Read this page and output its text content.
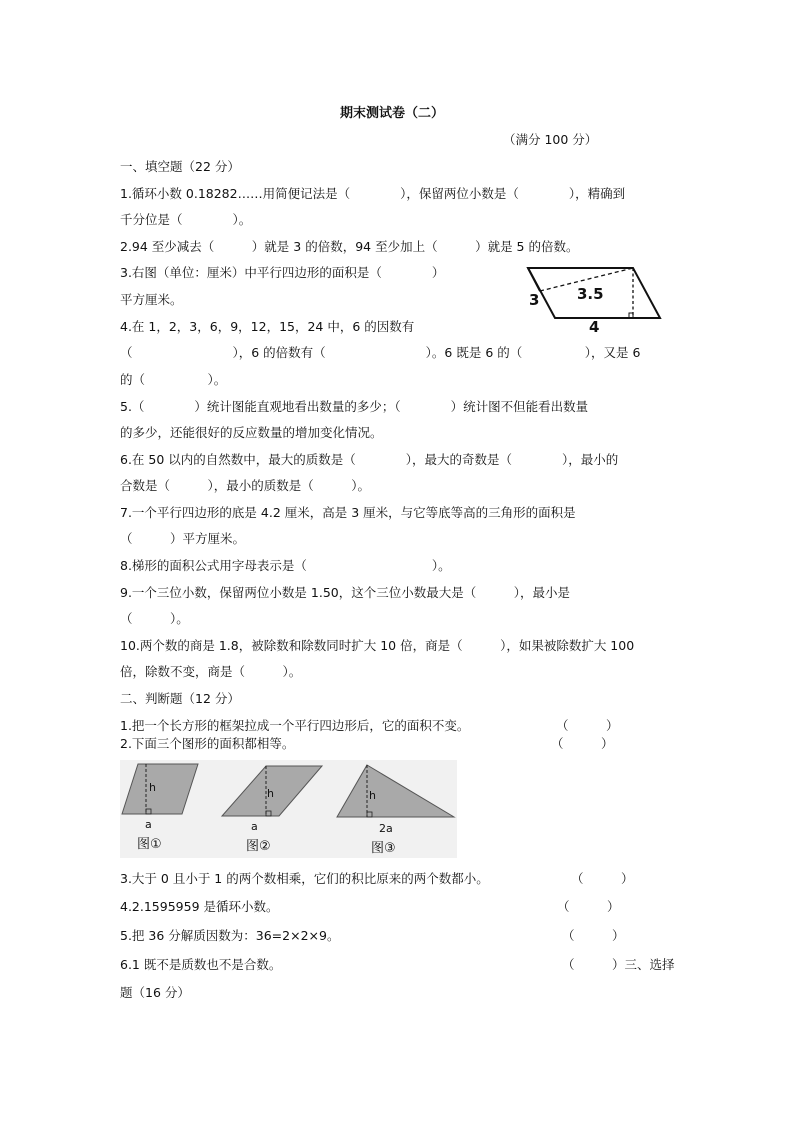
期末测试卷（二）
（满分 100 分）
一、填空题（22 分）
1.循环小数 0.18282……用简便记法是（　　　　），保留两位小数是（　　　　），精确到
千分位是（　　　　）。
2.94 至少减去（　　　）就是 3 的倍数，94 至少加上（　　　）就是 5 的倍数。
3.右图（单位：厘米）中平行四边形的面积是（　　　　）
平方厘米。
4.在 1，2，3，6，9，12，15，24 中，6 的因数有
（　　　　　　　　），6 的倍数有（　　　　　　　　）。6 既是 6 的（　　　　　），又是 6
的（　　　　　）。
5.（　　　　）统计图能直观地看出数量的多少；（　　　　）统计图不但能看出数量
的多少，还能很好的反应数量的增加变化情况。
6.在 50 以内的自然数中，最大的质数是（　　　　），最大的奇数是（　　　　），最小的
合数是（　　　），最小的质数是（　　　）。
7.一个平行四边形的底是 4.2 厘米，高是 3 厘米，与它等底等高的三角形的面积是
（　　　）平方厘米。
8.梯形的面积公式用字母表示是（　　　　　　　　　　）。
9.一个三位小数，保留两位小数是 1.50，这个三位小数最大是（　　　），最小是
（　　　）。
10.两个数的商是 1.8，被除数和除数同时扩大 10 倍，商是（　　　），如果被除数扩大 100
倍，除数不变，商是（　　　）。
3	3.5
4
二、判断题（12 分）
1.把一个长方形的框架拉成一个平行四边形后，它的面积不变。	（　　　）
2.下面三个图形的面积都相等。	（　　　）
h
a
图①
h
a
图②
h
2a
图③
3.大于 0 且小于 1 的两个数相乘，它们的积比原来的两个数都小。	（　　　）
4.2.1595959 是循环小数。	（　　　）
5.把 36 分解质因数为：36=2×2×9。	（　　　）
6.1 既不是质数也不是合数。	（　　　）三、选择
题（16 分）
